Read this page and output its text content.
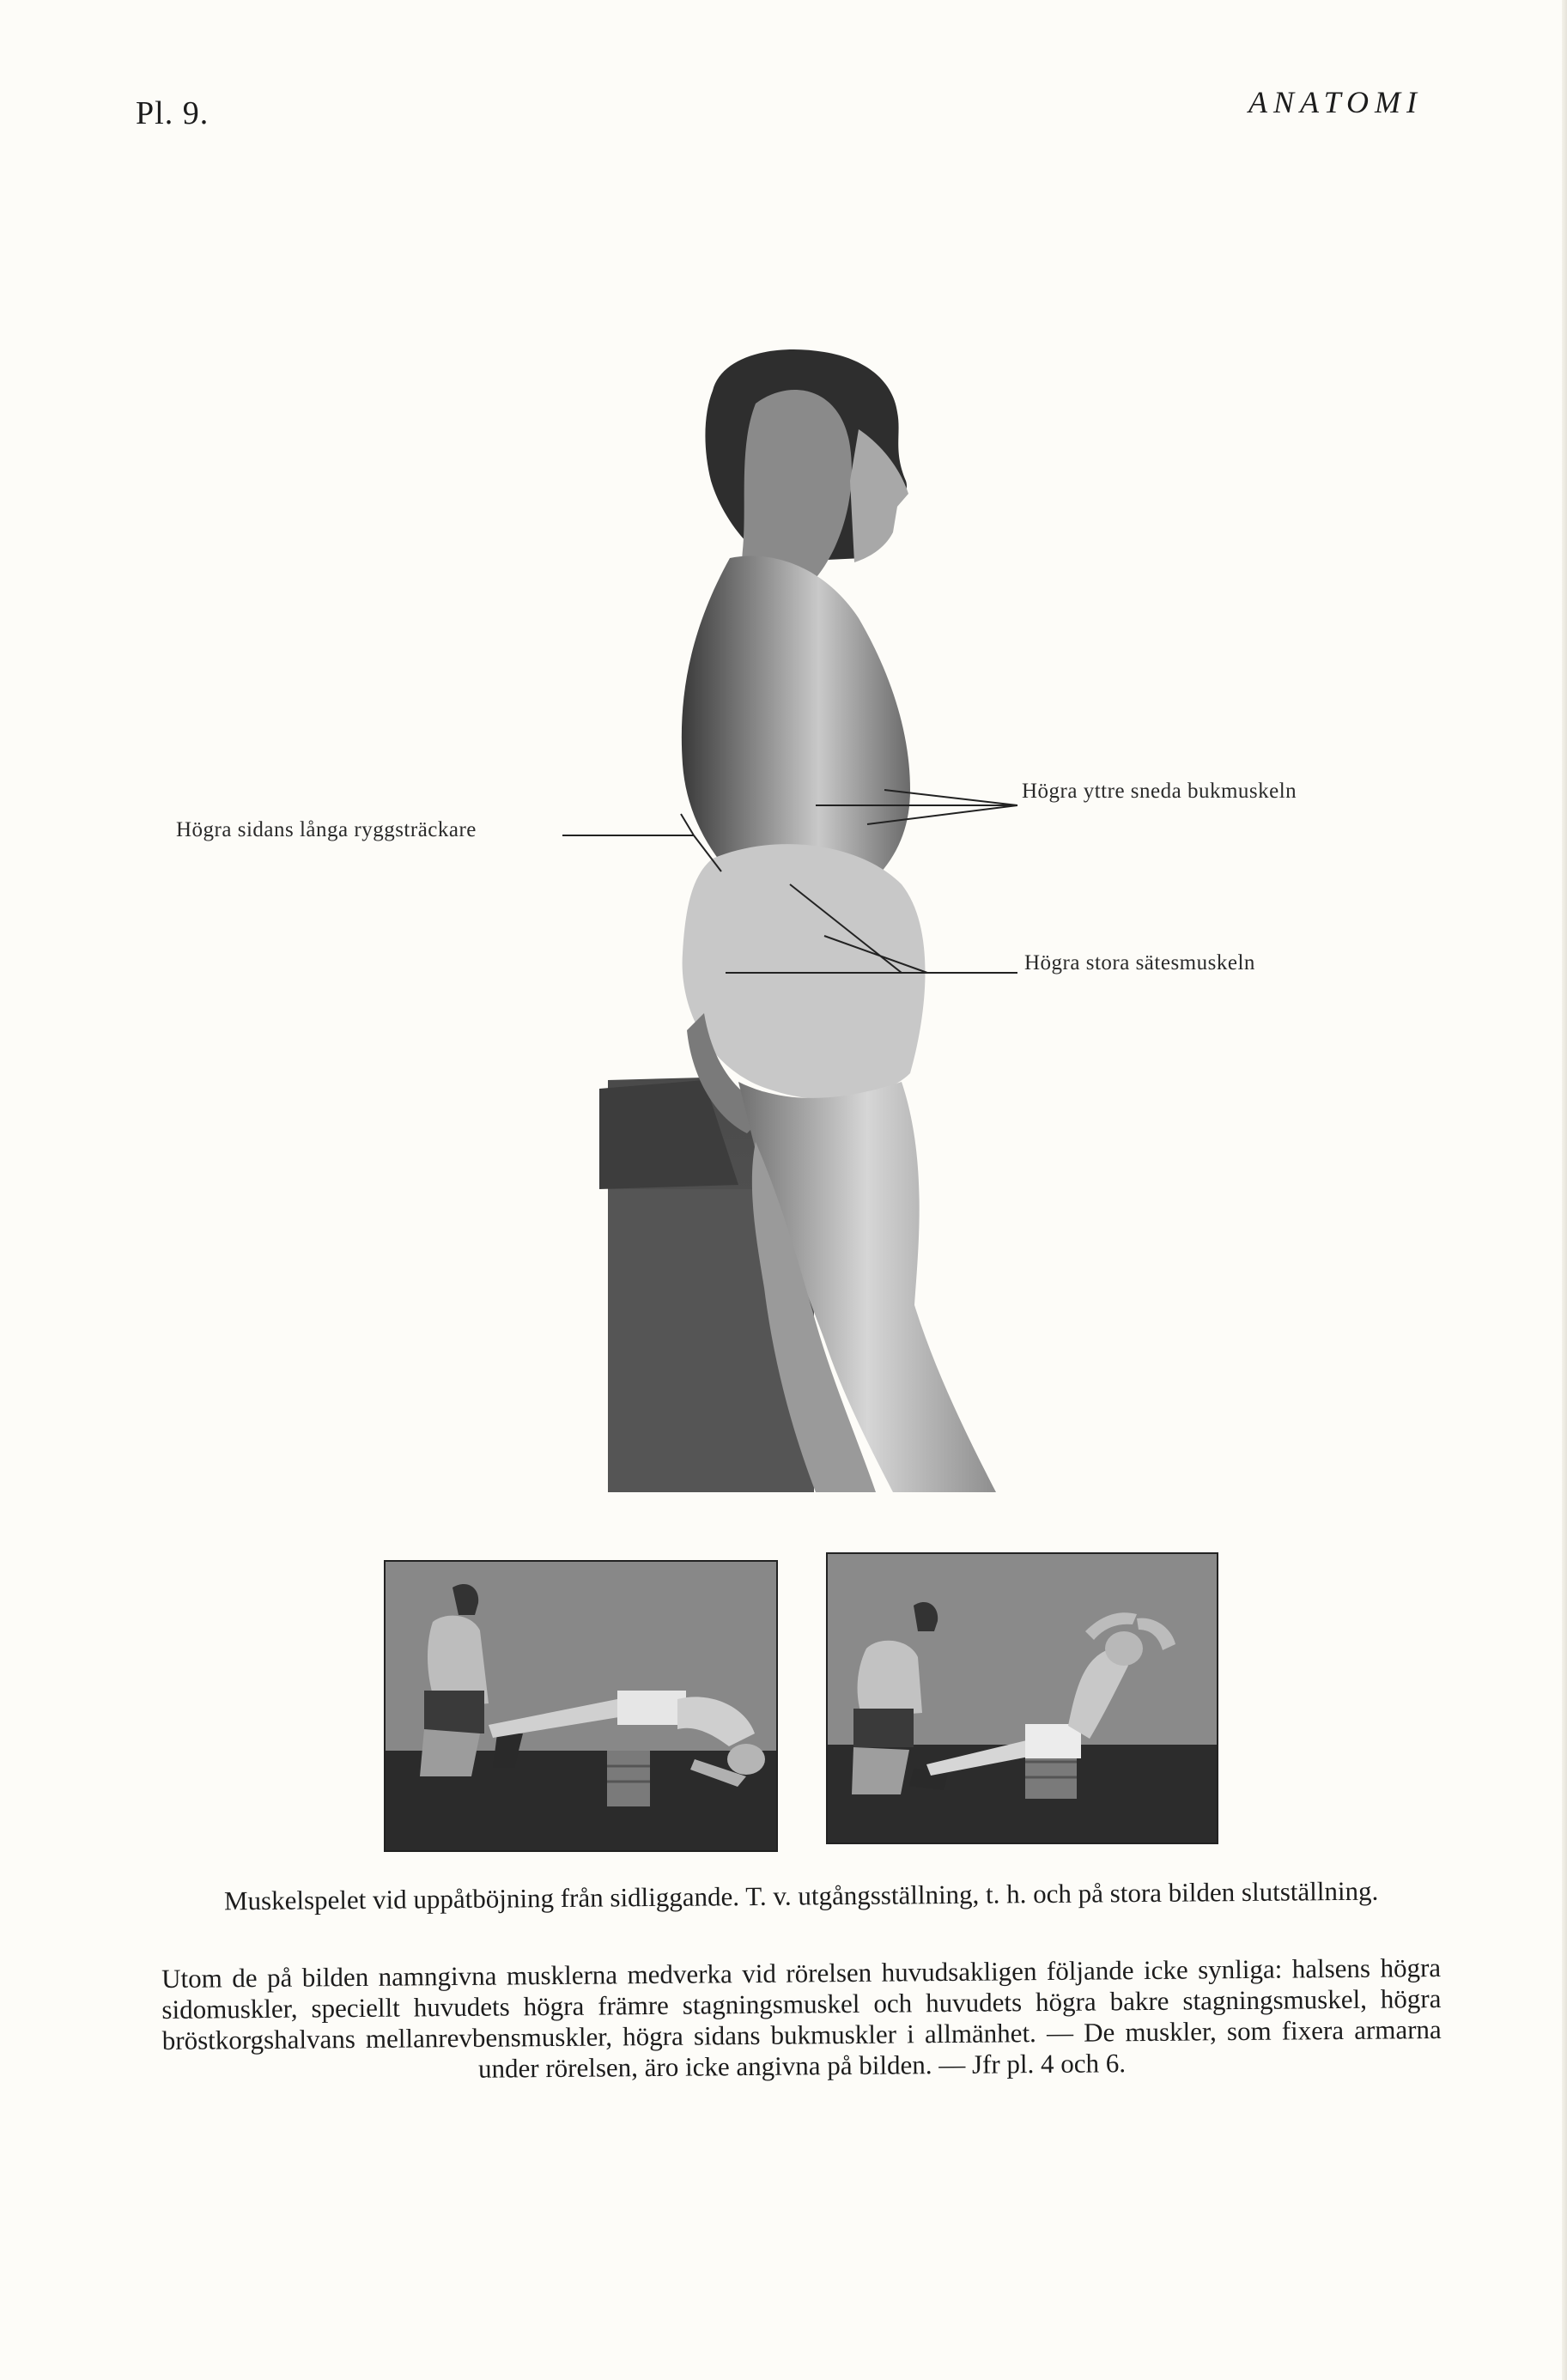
Pl. 9.	ANATOMI
Högra sidans långa ryggsträckare
Högra yttre sneda bukmuskeln
Högra stora sätesmuskeln
Muskelspelet vid uppåtböjning från sidliggande. T. v. utgångsställning, t. h. och på stora bilden slutställning.
Utom de på bilden namngivna musklerna medverka vid rörelsen huvudsakligen följande icke synliga: halsens högra sidomuskler, speciellt huvudets högra främre stagningsmuskel och huvudets högra bakre stagningsmuskel, högra bröstkorgshalvans mellanrevbensmuskler, högra sidans bukmuskler i allmänhet. — De muskler, som fixera armarna under rörelsen, äro icke angivna på bilden. — Jfr pl. 4 och 6.
